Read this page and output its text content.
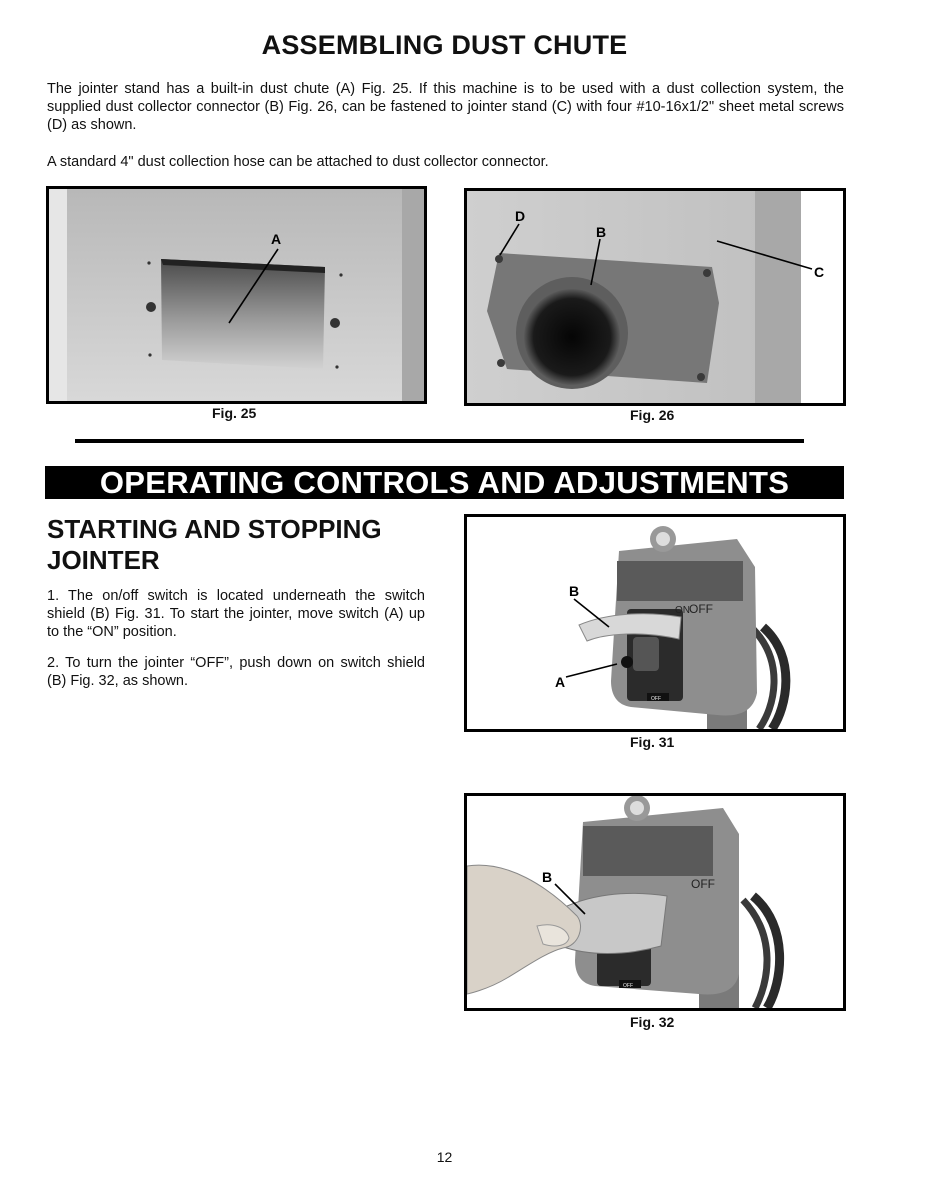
ASSEMBLING DUST CHUTE
The jointer stand has a built-in dust chute (A) Fig. 25. If this machine is to be used with a dust collection system, the supplied dust collector connector (B) Fig. 26, can be fastened to jointer stand (C) with four #10-16x1/2" sheet metal screws (D) as shown.
A standard 4" dust collection hose can be attached to dust collector connector.
A
Fig. 25
D
B
C
Fig. 26
OPERATING CONTROLS AND ADJUSTMENTS
STARTING AND STOPPING JOINTER
1. The on/off switch is located underneath the switch shield (B) Fig. 31. To start the jointer, move switch (A) up to the “ON” position.
2. To turn the jointer “OFF”, push down on switch shield (B) Fig. 32, as shown.
OFF
ON OFF
B
A
Fig. 31
OFF
OFF
B
Fig. 32
12
